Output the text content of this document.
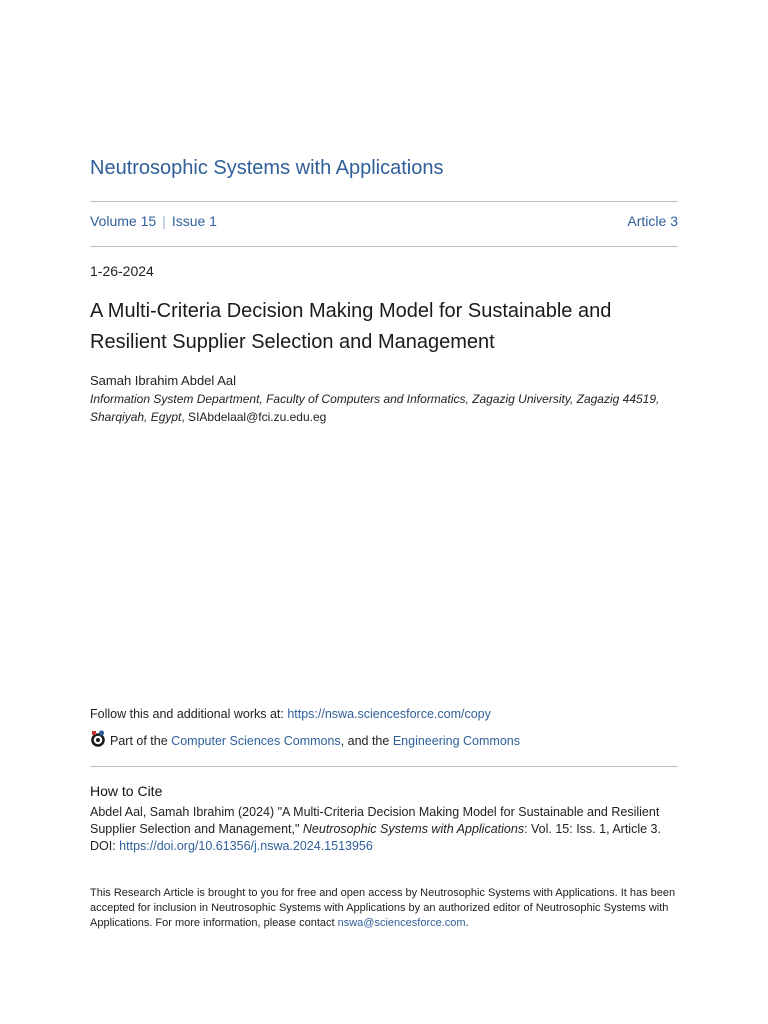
Neutrosophic Systems with Applications
Volume 15 | Issue 1	Article 3
1-26-2024
A Multi-Criteria Decision Making Model for Sustainable and Resilient Supplier Selection and Management
Samah Ibrahim Abdel Aal
Information System Department, Faculty of Computers and Informatics, Zagazig University, Zagazig 44519, Sharqiyah, Egypt, SIAbdelaal@fci.zu.edu.eg
Follow this and additional works at: https://nswa.sciencesforce.com/copy
Part of the
Computer Sciences Commons , and the
Engineering Commons
How to Cite
Abdel Aal, Samah Ibrahim (2024) "A Multi-Criteria Decision Making Model for Sustainable and Resilient Supplier Selection and Management," Neutrosophic Systems with Applications: Vol. 15: Iss. 1, Article 3.
DOI: https://doi.org/10.61356/j.nswa.2024.1513956
This Research Article is brought to you for free and open access by Neutrosophic Systems with Applications. It has been accepted for inclusion in Neutrosophic Systems with Applications by an authorized editor of Neutrosophic Systems with Applications. For more information, please contact nswa@sciencesforce.com.
